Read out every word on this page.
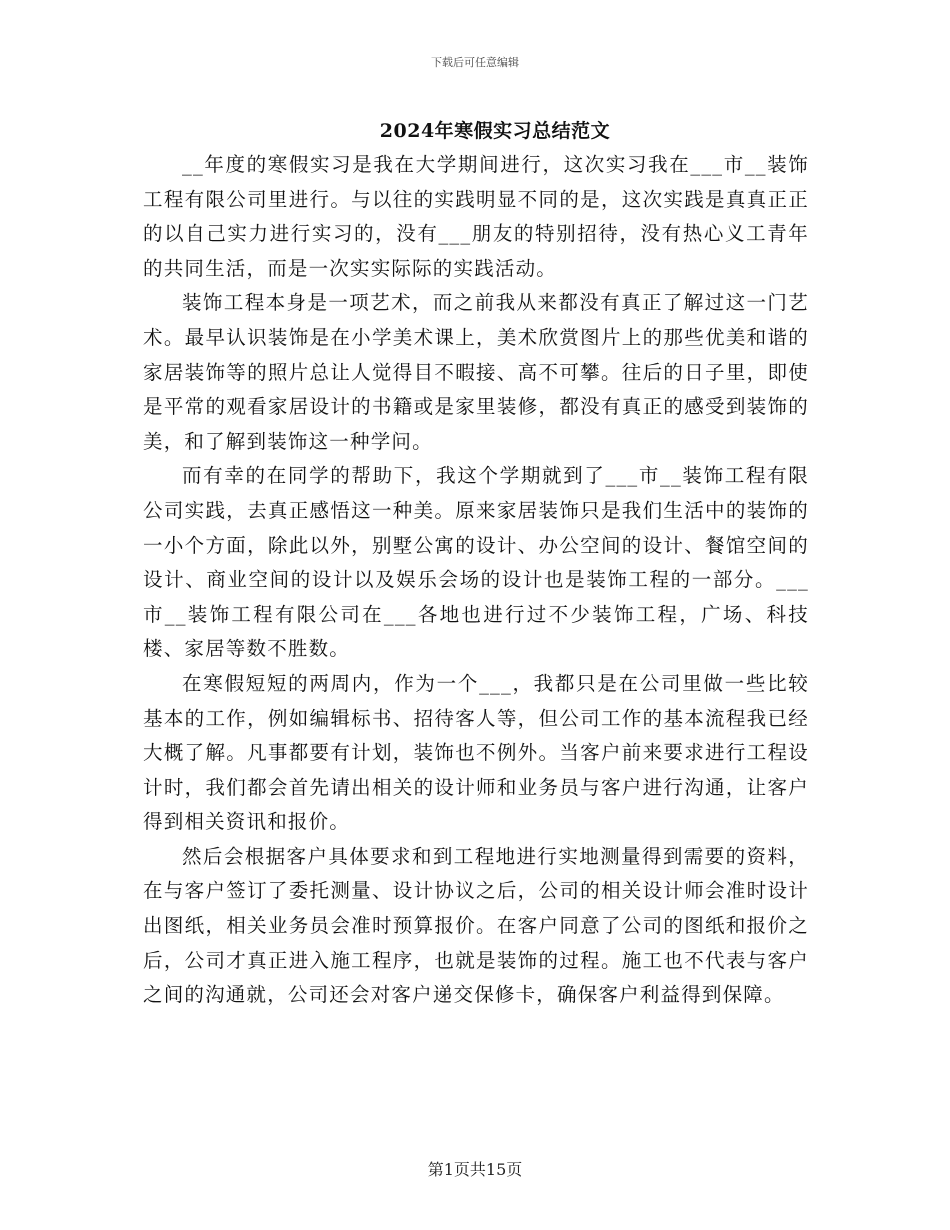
下载后可任意编辑
2024年寒假实习总结范文

__年度的寒假实习是我在大学期间进行，这次实习我在___市__装饰工程有限公司里进行。与以往的实践明显不同的是，这次实践是真真正正的以自己实力进行实习的，没有___朋友的特别招待，没有热心义工青年的共同生活，而是一次实实际际的实践活动。

装饰工程本身是一项艺术，而之前我从来都没有真正了解过这一门艺术。最早认识装饰是在小学美术课上，美术欣赏图片上的那些优美和谐的家居装饰等的照片总让人觉得目不暇接、高不可攀。往后的日子里，即使是平常的观看家居设计的书籍或是家里装修，都没有真正的感受到装饰的美，和了解到装饰这一种学问。

而有幸的在同学的帮助下，我这个学期就到了___市__装饰工程有限公司实践，去真正感悟这一种美。原来家居装饰只是我们生活中的装饰的一小个方面，除此以外，别墅公寓的设计、办公空间的设计、餐馆空间的设计、商业空间的设计以及娱乐会场的设计也是装饰工程的一部分。___市__装饰工程有限公司在___各地也进行过不少装饰工程，广场、科技楼、家居等数不胜数。

在寒假短短的两周内，作为一个___，我都只是在公司里做一些比较基本的工作，例如编辑标书、招待客人等，但公司工作的基本流程我已经大概了解。凡事都要有计划，装饰也不例外。当客户前来要求进行工程设计时，我们都会首先请出相关的设计师和业务员与客户进行沟通，让客户得到相关资讯和报价。

然后会根据客户具体要求和到工程地进行实地测量得到需要的资料，在与客户签订了委托测量、设计协议之后，公司的相关设计师会准时设计出图纸，相关业务员会准时预算报价。在客户同意了公司的图纸和报价之后，公司才真正进入施工程序，也就是装饰的过程。施工也不代表与客户之间的沟通就，公司还会对客户递交保修卡，确保客户利益得到保障。

第1页共15页
